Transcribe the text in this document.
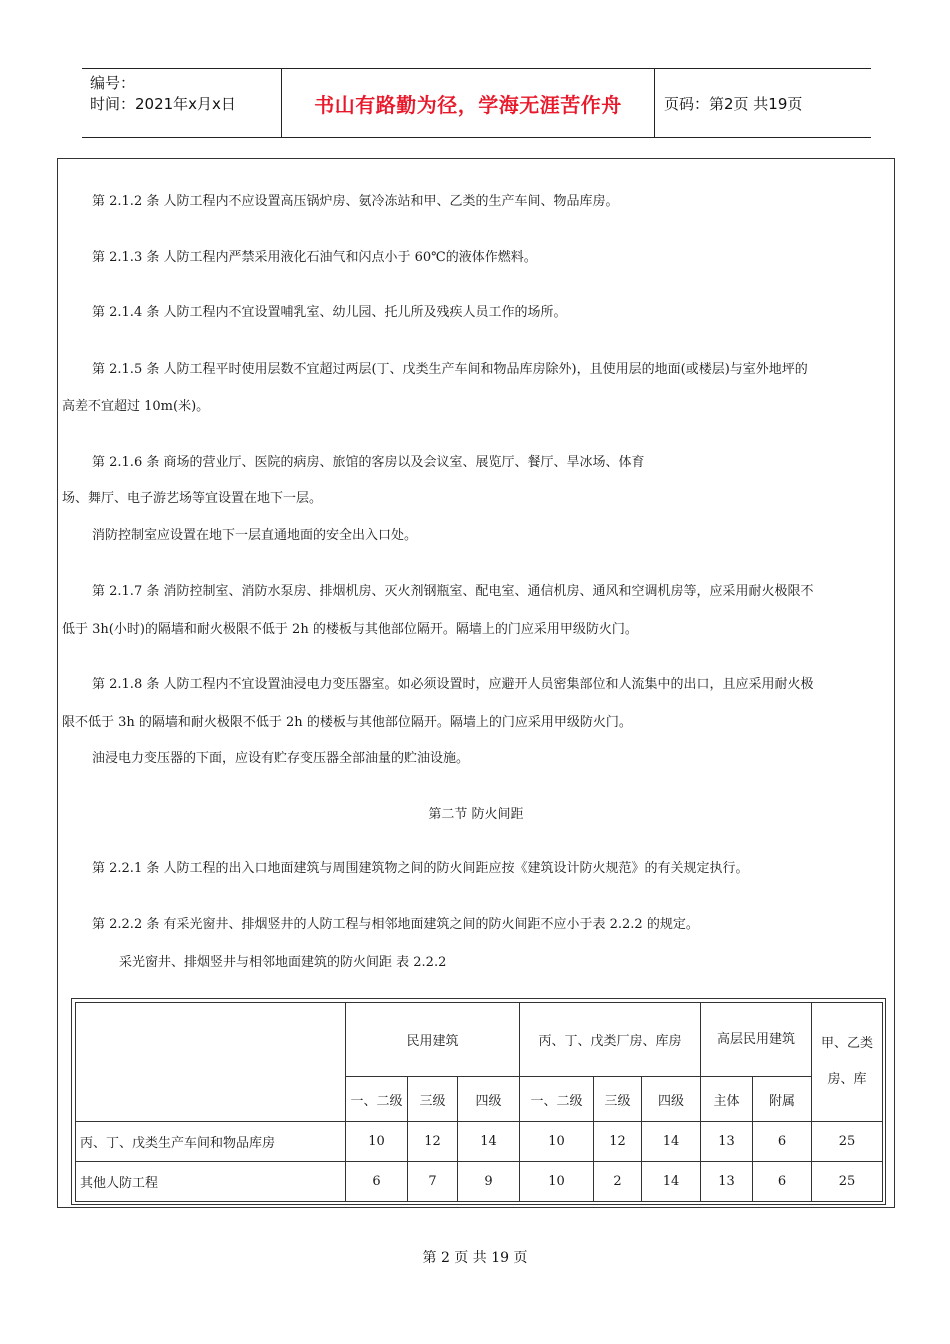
编号：
时间：2021年x月x日	书山有路勤为径，学海无涯苦作舟	页码：第2页 共19页
第 2.1.2 条 人防工程内不应设置高压锅炉房、氨冷冻站和甲、乙类的生产车间、物品库房。
第 2.1.3 条 人防工程内严禁采用液化石油气和闪点小于 60℃的液体作燃料。
第 2.1.4 条 人防工程内不宜设置哺乳室、幼儿园、托儿所及残疾人员工作的场所。
第 2.1.5 条 人防工程平时使用层数不宜超过两层(丁、戊类生产车间和物品库房除外)，且使用层的地面(或楼层)与室外地坪的
高差不宜超过 10m(米)。
第 2.1.6 条 商场的营业厅、医院的病房、旅馆的客房以及会议室、展览厅、餐厅、旱冰场、体育
场、舞厅、电子游艺场等宜设置在地下一层。
消防控制室应设置在地下一层直通地面的安全出入口处。
第 2.1.7 条 消防控制室、消防水泵房、排烟机房、灭火剂钢瓶室、配电室、通信机房、通风和空调机房等，应采用耐火极限不
低于 3h(小时)的隔墙和耐火极限不低于 2h 的楼板与其他部位隔开。隔墙上的门应采用甲级防火门。
第 2.1.8 条 人防工程内不宜设置油浸电力变压器室。如必须设置时，应避开人员密集部位和人流集中的出口，且应采用耐火极
限不低于 3h 的隔墙和耐火极限不低于 2h 的楼板与其他部位隔开。隔墙上的门应采用甲级防火门。
油浸电力变压器的下面，应设有贮存变压器全部油量的贮油设施。
第二节 防火间距
第 2.2.1 条 人防工程的出入口地面建筑与周围建筑物之间的防火间距应按《建筑设计防火规范》的有关规定执行。
第 2.2.2 条 有采光窗井、排烟竖井的人防工程与相邻地面建筑之间的防火间距不应小于表 2.2.2 的规定。
采光窗井、排烟竖井与相邻地面建筑的防火间距 表 2.2.2
	民用建筑			丙、丁、戊类厂房、库房			高层民用建筑		甲、乙类房、库
	一、二级	三级	四级	一、二级	三级	四级	主体	附属	
丙、丁、戊类生产车间和物品库房	10	12	14	10	12	14	13	6	25
其他人防工程	6	7	9	10	2	14	13	6	25
第 2 页 共 19 页
